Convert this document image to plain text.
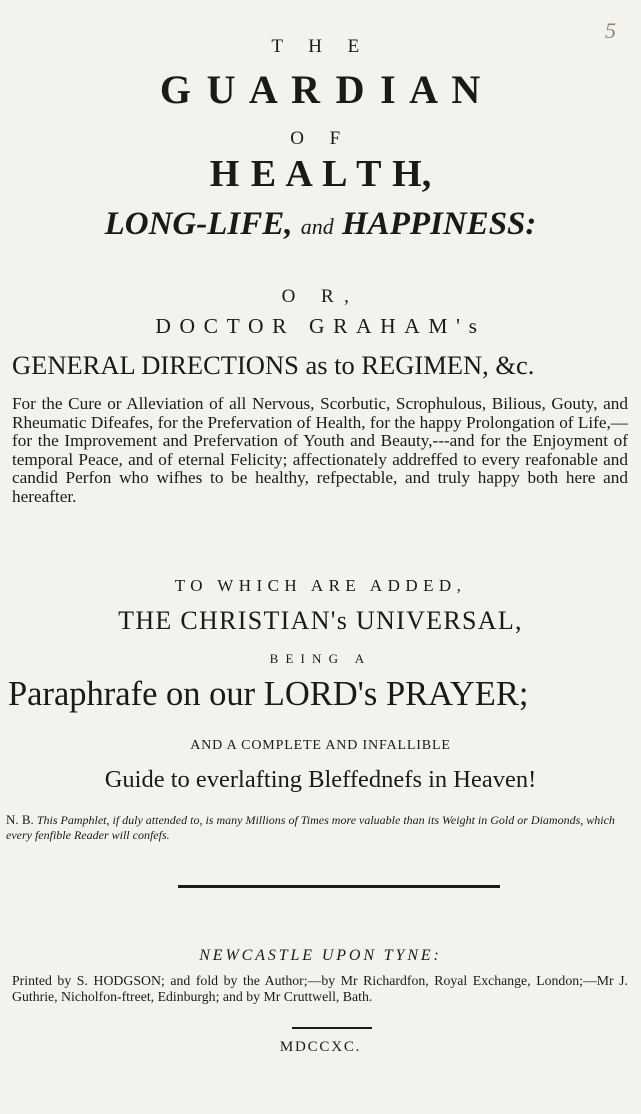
5
T H E
G U A R D I A N
O F
H E A L T H,
LONG-LIFE, and HAPPINESS:
O R,
DOCTOR GRAHAM's
GENERAL DIRECTIONS as to REGIMEN, &c.
For the Cure or Alleviation of all Nervous, Scorbutic, Scrophulous, Bilious, Gouty, and Rheumatic Difeafes, for the Prefervation of Health, for the happy Prolongation of Life,—for the Improvement and Prefervation of Youth and Beauty,---and for the Enjoyment of temporal Peace, and of eternal Felicity; affectionately addreffed to every reafonable and candid Perfon who wifhes to be healthy, refpectable, and truly happy both here and hereafter.
TO WHICH ARE ADDED,
THE CHRISTIAN's UNIVERSAL,
BEING A
Paraphrafe on our LORD's PRAYER;
AND A COMPLETE AND INFALLIBLE
Guide to everlafting Bleffednefs in Heaven!
N. B. This Pamphlet, if duly attended to, is many Millions of Times more valuable than its Weight in Gold or Diamonds, which every fenfible Reader will confefs.
NEWCASTLE UPON TYNE:
Printed by S. HODGSON; and fold by the Author;—by Mr Richardfon, Royal Exchange, London;—Mr J. Guthrie, Nicholfon-ftreet, Edinburgh; and by Mr Cruttwell, Bath.
MDCCXC.
